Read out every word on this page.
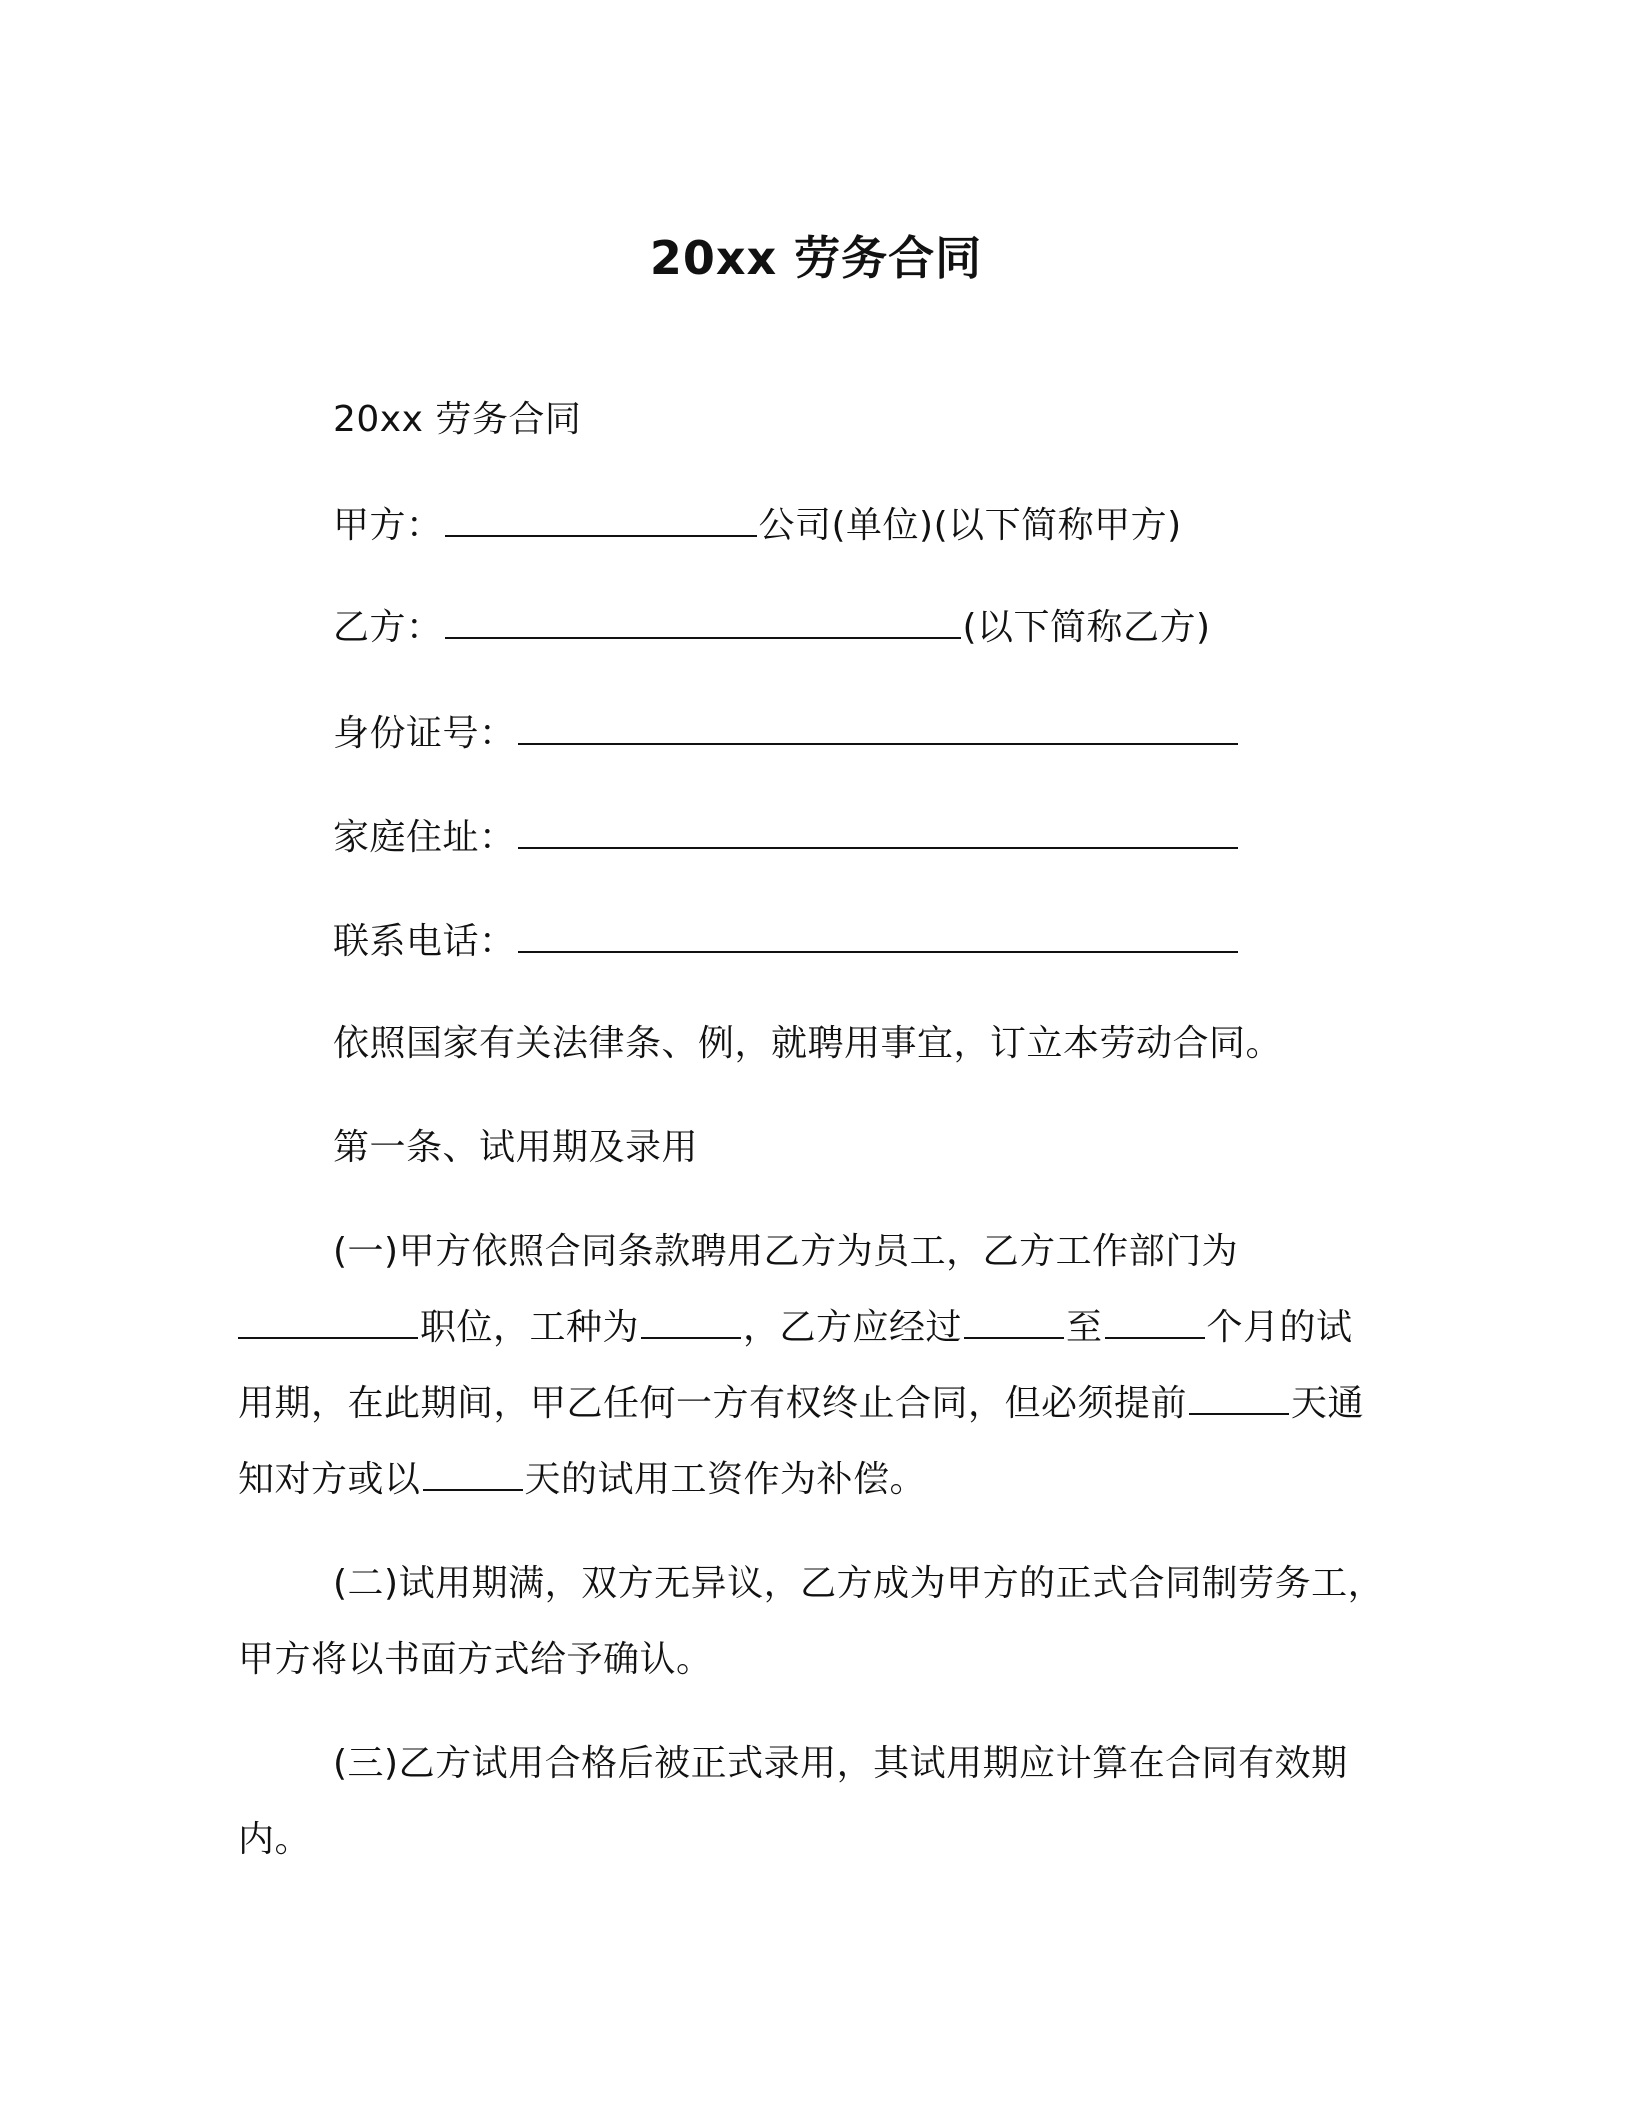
20xx 劳务合同
20xx 劳务合同
甲方：	公司(单位)(以下简称甲方)
乙方：	(以下简称乙方)
身份证号：
家庭住址：
联系电话：
依照国家有关法律条、例，就聘用事宜，订立本劳动合同。
第一条、试用期及录用
(一)甲方依照合同条款聘用乙方为员工，乙方工作部门为
职位，工种为	，乙方应经过	至	个月的试
用期，在此期间，甲乙任何一方有权终止合同，但必须提前	天通
知对方或以	天的试用工资作为补偿。
(二)试用期满，双方无异议，乙方成为甲方的正式合同制劳务工，
甲方将以书面方式给予确认。
(三)乙方试用合格后被正式录用，其试用期应计算在合同有效期
内。
